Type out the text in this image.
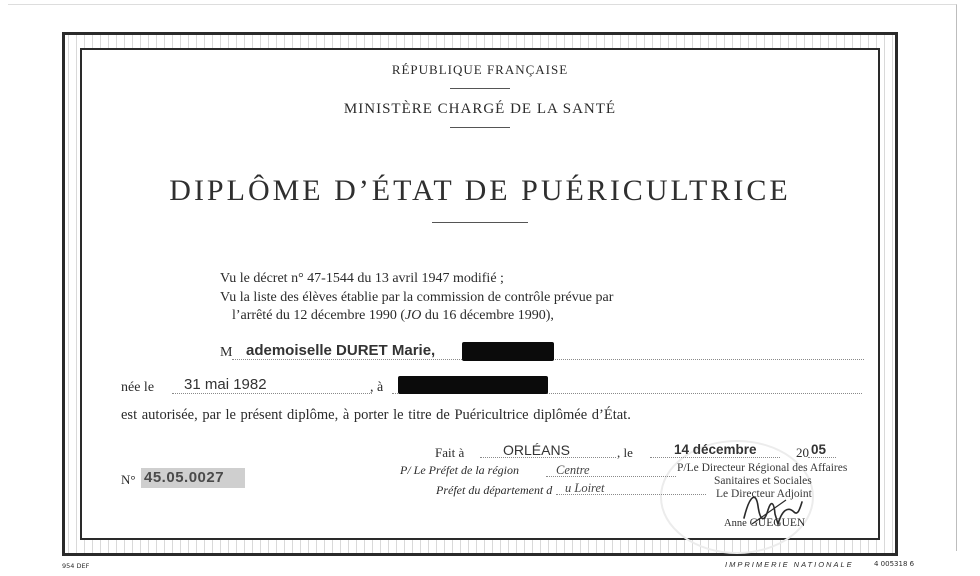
RÉPUBLIQUE FRANÇAISE
MINISTÈRE CHARGÉ DE LA SANTÉ
DIPLÔME D’ÉTAT DE PUÉRICULTRICE
Vu le décret n° 47-1544 du 13 avril 1947 modifié ;
Vu la liste des élèves établie par la commission de contrôle prévue par
l’arrêté du 12 décembre 1990 (JO du 16 décembre 1990),
M ademoiselle DURET Marie,
née le 31 mai 1982	, à
est autorisée, par le présent diplôme, à porter le titre de Puéricultrice diplômée d’État.
Fait à	ORLÉANS	, le	14 décembre	20 05
P/ Le Préfet de la région	Centre
Préfet du département d u Loiret
P/Le Directeur Régional des Affaires
Sanitaires et Sociales
Le Directeur Adjoint
Anne GUEGUEN
N° 45.05.0027
954 DEF	IMPRIMERIE NATIONALE	4 005318 6
